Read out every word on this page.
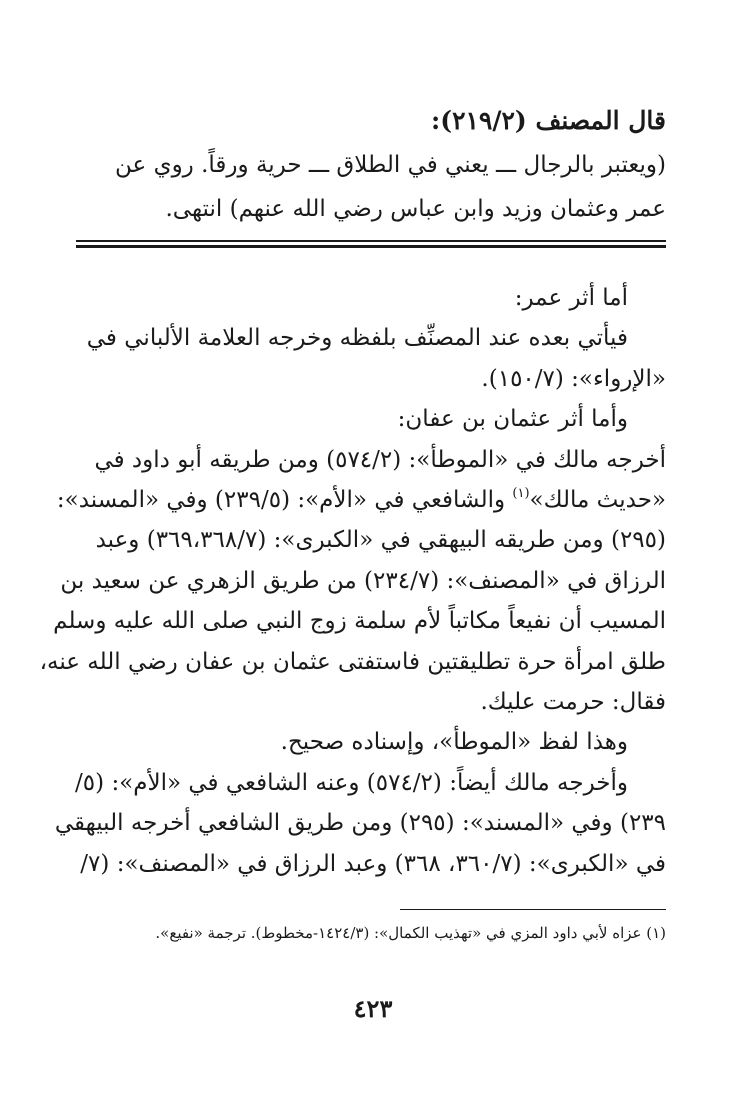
قال المصنف (٢١٩/٢):
(ويعتبر بالرجال ـــ يعني في الطلاق ـــ حرية ورقاً. روي عن
عمر وعثمان وزيد وابن عباس رضي الله عنهم) انتهى.
أما أثر عمر:
فيأتي بعده عند المصنِّف بلفظه وخرجه العلامة الألباني في
«الإرواء»: (١٥٠/٧).
وأما أثر عثمان بن عفان:
أخرجه مالك في «الموطأ»: (٥٧٤/٢) ومن طريقه أبو داود في
«حديث مالك»$^{(١)}$ والشافعي في «الأم»: (٢٣٩/٥) وفي «المسند»:
(٢٩٥) ومن طريقه البيهقي في «الكبرى»: (٣٦٩،٣٦٨/٧) وعبد
الرزاق في «المصنف»: (٢٣٤/٧) من طريق الزهري عن سعيد بن
المسيب أن نفيعاً مكاتباً لأم سلمة زوج النبي صلى الله عليه وسلم
طلق امرأة حرة تطليقتين فاستفتى عثمان بن عفان رضي الله عنه،
فقال: حرمت عليك.
وهذا لفظ «الموطأ»، وإسناده صحيح.
وأخرجه مالك أيضاً: (٥٧٤/٢) وعنه الشافعي في «الأم»: (٥/
٢٣٩) وفي «المسند»: (٢٩٥) ومن طريق الشافعي أخرجه البيهقي
في «الكبرى»: (٣٦٠/٧، ٣٦٨) وعبد الرزاق في «المصنف»: (٧/
(١) عزاه لأبي داود المزي في «تهذيب الكمال»: (١٤٢٤/٣-مخطوط). ترجمة «نفيع».
٤٢٣
